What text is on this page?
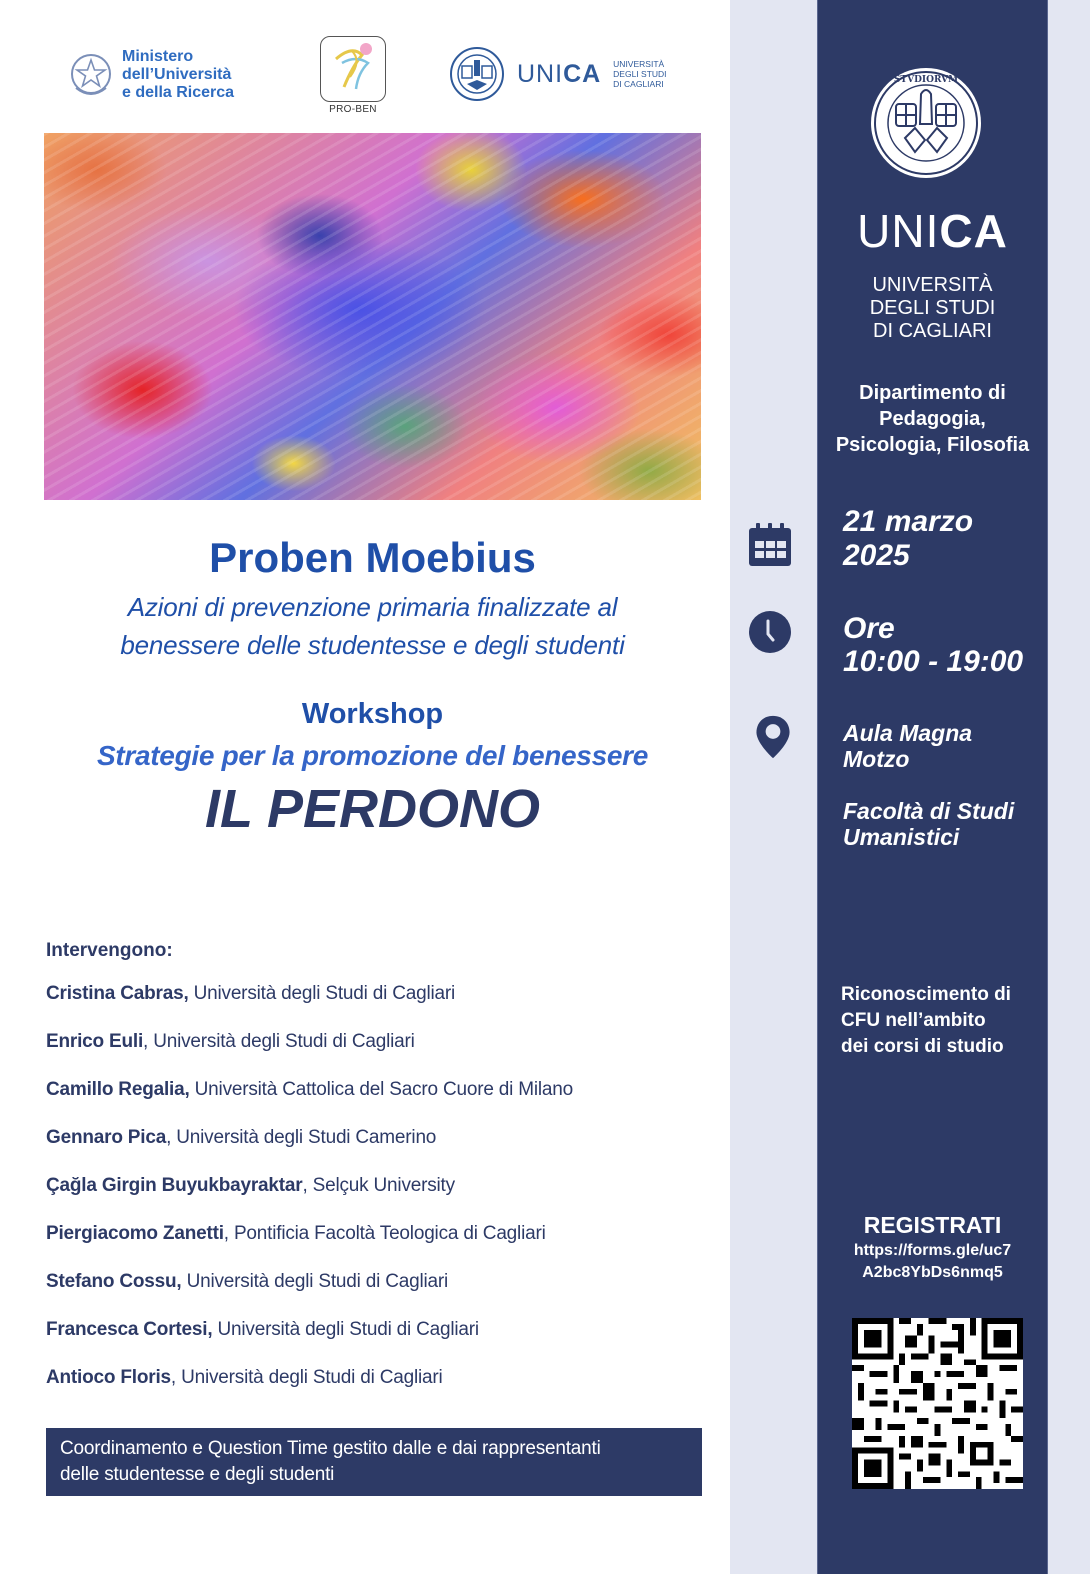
Ministero
dell’Università
e della Ricerca
PRO-BEN
UNICA UNIVERSITÀ
DEGLI STUDI
DI CAGLIARI
Proben Moebius
Azioni di prevenzione primaria finalizzate al
benessere delle studentesse e degli studenti
Workshop
Strategie per la promozione del benessere
IL PERDONO
Intervengono:
Cristina Cabras, Università degli Studi di Cagliari
Enrico Euli, Università degli Studi di Cagliari
Camillo Regalia, Università Cattolica del Sacro Cuore di Milano
Gennaro Pica, Università degli Studi Camerino
Çağla Girgin Buyukbayraktar, Selçuk University
Piergiacomo Zanetti, Pontificia Facoltà Teologica di Cagliari
Stefano Cossu, Università degli Studi di Cagliari
Francesca Cortesi, Università degli Studi di Cagliari
Antioco Floris, Università degli Studi di Cagliari
Coordinamento e Question Time gestito dalle e dai rappresentanti
delle studentesse e degli studenti
STVDIORVM
UNICA
UNIVERSITÀ
DEGLI STUDI
DI CAGLIARI
Dipartimento di
Pedagogia,
Psicologia, Filosofia
21 marzo
2025
Ore
10:00 - 19:00
Aula Magna
Motzo
Facoltà di Studi
Umanistici
Riconoscimento di
CFU nell’ambito
dei corsi di studio
REGISTRATI
https://forms.gle/uc7
A2bc8YbDs6nmq5
